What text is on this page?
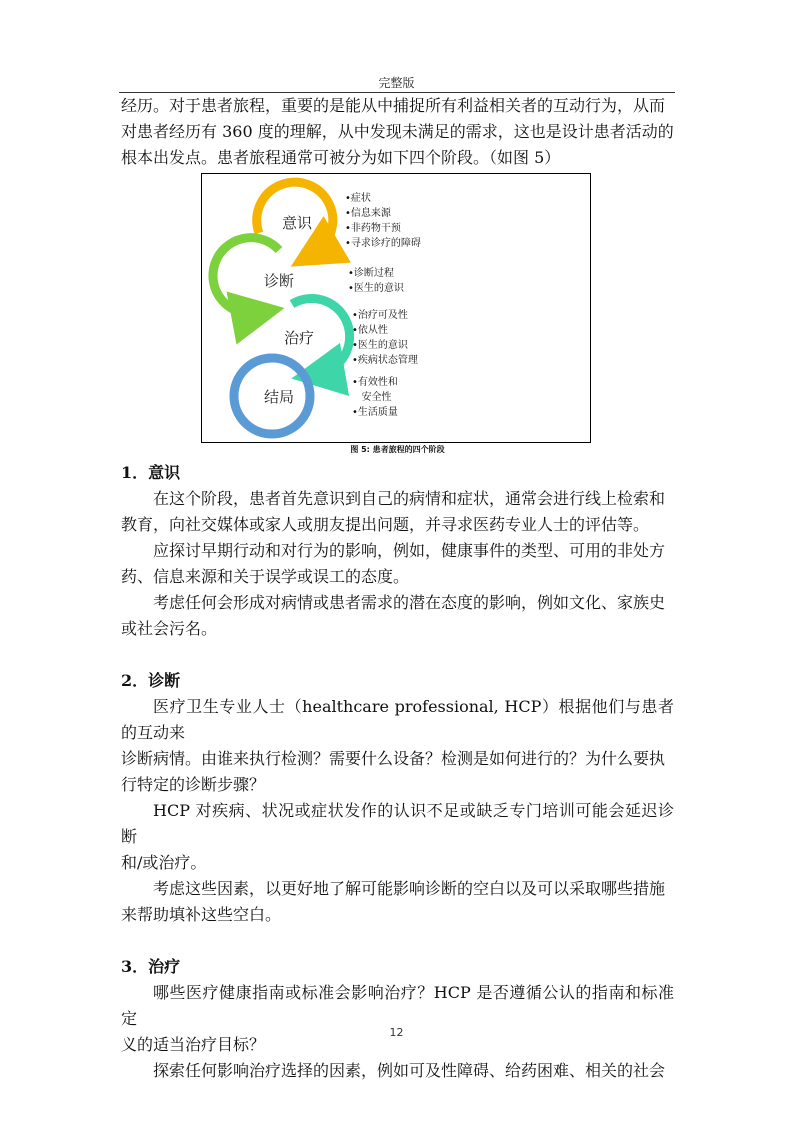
完整版

经历。对于患者旅程，重要的是能从中捕捉所有利益相关者的互动行为，从而

对患者经历有 360 度的理解，从中发现未满足的需求，这也是设计患者活动的

根本出发点。患者旅程通常可被分为如下四个阶段。（如图 5）

意识
诊断
治疗
结局
•症状
•信息来源
•非药物干预
•寻求诊疗的障碍
•诊断过程
•医生的意识
•治疗可及性
•依从性
•医生的意识
•疾病状态管理
•有效性和
安全性
•生活质量
图 5: 患者旅程的四个阶段

1．意识

在这个阶段，患者首先意识到自己的病情和症状，通常会进行线上检索和

教育，向社交媒体或家人或朋友提出问题，并寻求医药专业人士的评估等。

应探讨早期行动和对行为的影响，例如，健康事件的类型、可用的非处方

药、信息来源和关于误学或误工的态度。

考虑任何会形成对病情或患者需求的潜在态度的影响，例如文化、家族史

或社会污名。

2．诊断

医疗卫生专业人士（healthcare professional, HCP）根据他们与患者的互动来

诊断病情。由谁来执行检测？需要什么设备？检测是如何进行的？为什么要执

行特定的诊断步骤？

HCP 对疾病、状况或症状发作的认识不足或缺乏专门培训可能会延迟诊断

和/或治疗。

考虑这些因素，以更好地了解可能影响诊断的空白以及可以采取哪些措施

来帮助填补这些空白。

3．治疗

哪些医疗健康指南或标准会影响治疗？HCP 是否遵循公认的指南和标准定

义的适当治疗目标？

探索任何影响治疗选择的因素，例如可及性障碍、给药困难、相关的社会

12
